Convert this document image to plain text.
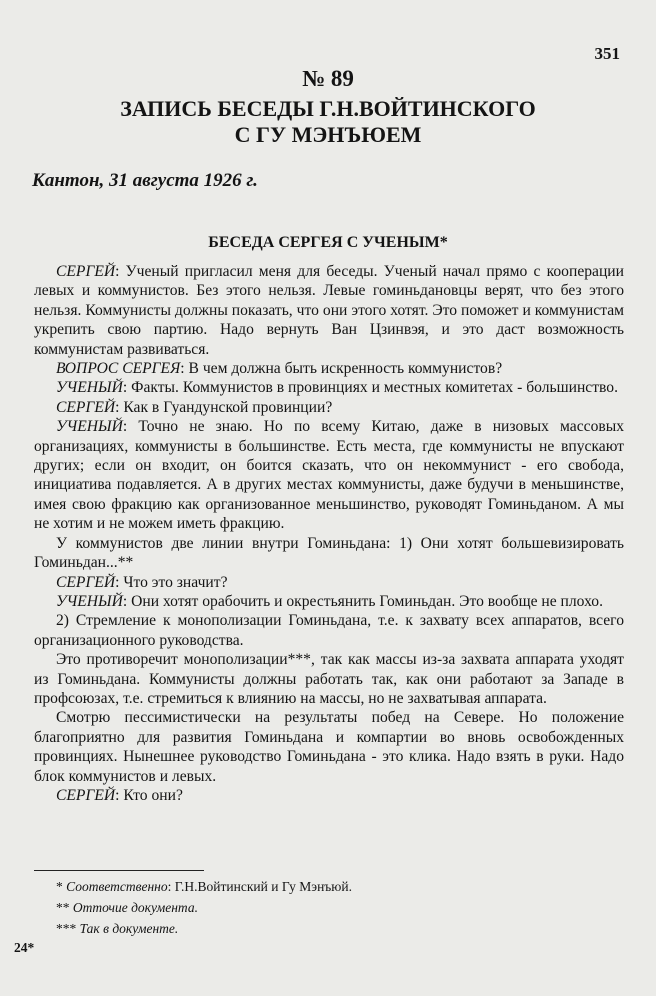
351
№ 89
ЗАПИСЬ БЕСЕДЫ Г.Н.ВОЙТИНСКОГО
С ГУ МЭНЪЮЕМ
Кантон, 31 августа 1926 г.
БЕСЕДА СЕРГЕЯ С УЧЕНЫМ*

СЕРГЕЙ: Ученый пригласил меня для беседы. Ученый начал прямо с кооперации левых и коммунистов. Без этого нельзя. Левые гоминьдановцы верят, что без этого нельзя. Коммунисты должны показать, что они этого хотят. Это поможет и коммунистам укрепить свою партию. Надо вернуть Ван Цзинвэя, и это даст возможность коммунистам развиваться.

ВОПРОС СЕРГЕЯ: В чем должна быть искренность коммунистов?

УЧЕНЫЙ: Факты. Коммунистов в провинциях и местных комитетах - большинство.

СЕРГЕЙ: Как в Гуандунской провинции?

УЧЕНЫЙ: Точно не знаю. Но по всему Китаю, даже в низовых массовых организациях, коммунисты в большинстве. Есть места, где коммунисты не впускают других; если он входит, он боится сказать, что он некоммунист - его свобода, инициатива подавляется. А в других местах коммунисты, даже будучи в меньшинстве, имея свою фракцию как организованное меньшинство, руководят Гоминьданом. А мы не хотим и не можем иметь фракцию.

У коммунистов две линии внутри Гоминьдана: 1) Они хотят большевизировать Гоминьдан...**

СЕРГЕЙ: Что это значит?

УЧЕНЫЙ: Они хотят орабочить и окрестьянить Гоминьдан. Это вообще не плохо.

2) Стремление к монополизации Гоминьдана, т.е. к захвату всех аппаратов, всего организационного руководства.

Это противоречит монополизации***, так как массы из-за захвата аппарата уходят из Гоминьдана. Коммунисты должны работать так, как они работают за Западе в профсоюзах, т.е. стремиться к влиянию на массы, но не захватывая аппарата.

Смотрю пессимистически на результаты побед на Севере. Но положение благоприятно для развития Гоминьдана и компартии во вновь освобожденных провинциях. Нынешнее руководство Гоминьдана - это клика. Надо взять в руки. Надо блок коммунистов и левых.

СЕРГЕЙ: Кто они?

* Соответственно: Г.Н.Войтинский и Гу Мэнъюй.

** Отточие документа.

*** Так в документе.

24*
